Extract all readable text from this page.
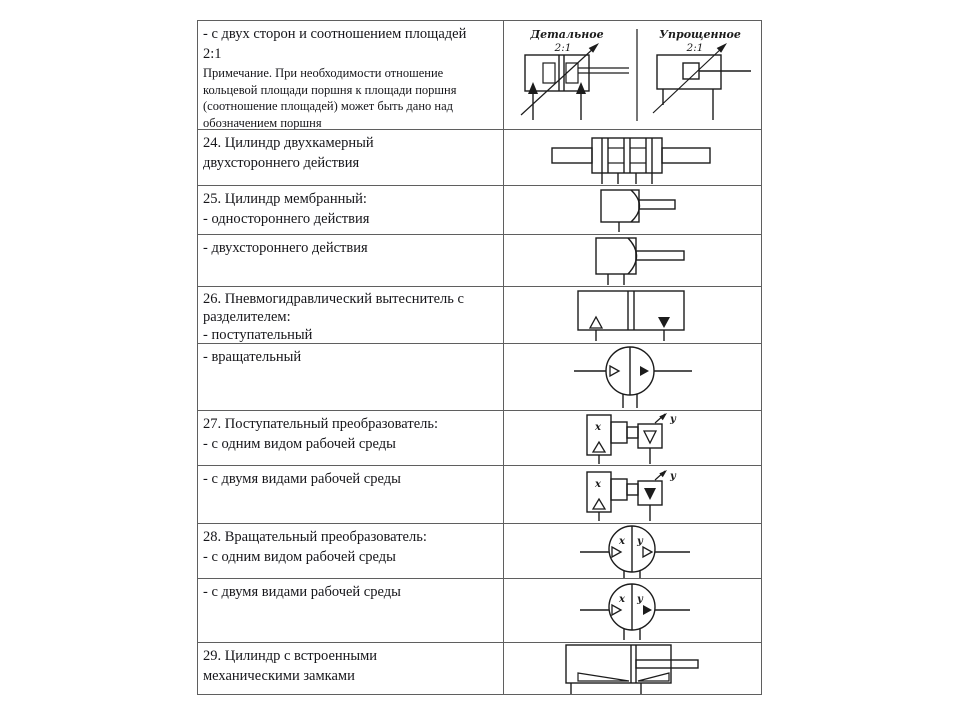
- с двух сторон и соотношением площадей
2:1
Примечание. При необходимости отношение кольцевой площади поршня к площади поршня (соотношение площадей) может быть дано над обозначением поршня
Детальное
2:1
Упрощенное
2:1
24. Цилиндр двухкамерный
двухстороннего действия
25. Цилиндр мембранный:
- одностороннего действия
- двухстороннего действия
26. Пневмогидравлический вытеснитель с
разделителем:
- поступательный
- вращательный
27. Поступательный преобразователь:
- с одним видом рабочей среды
x
y
- с двумя видами рабочей среды	x
y
28. Вращательный преобразователь:
- с одним видом рабочей среды
x y
- с двумя видами рабочей среды	x y
29. Цилиндр с встроенными
механическими замками
